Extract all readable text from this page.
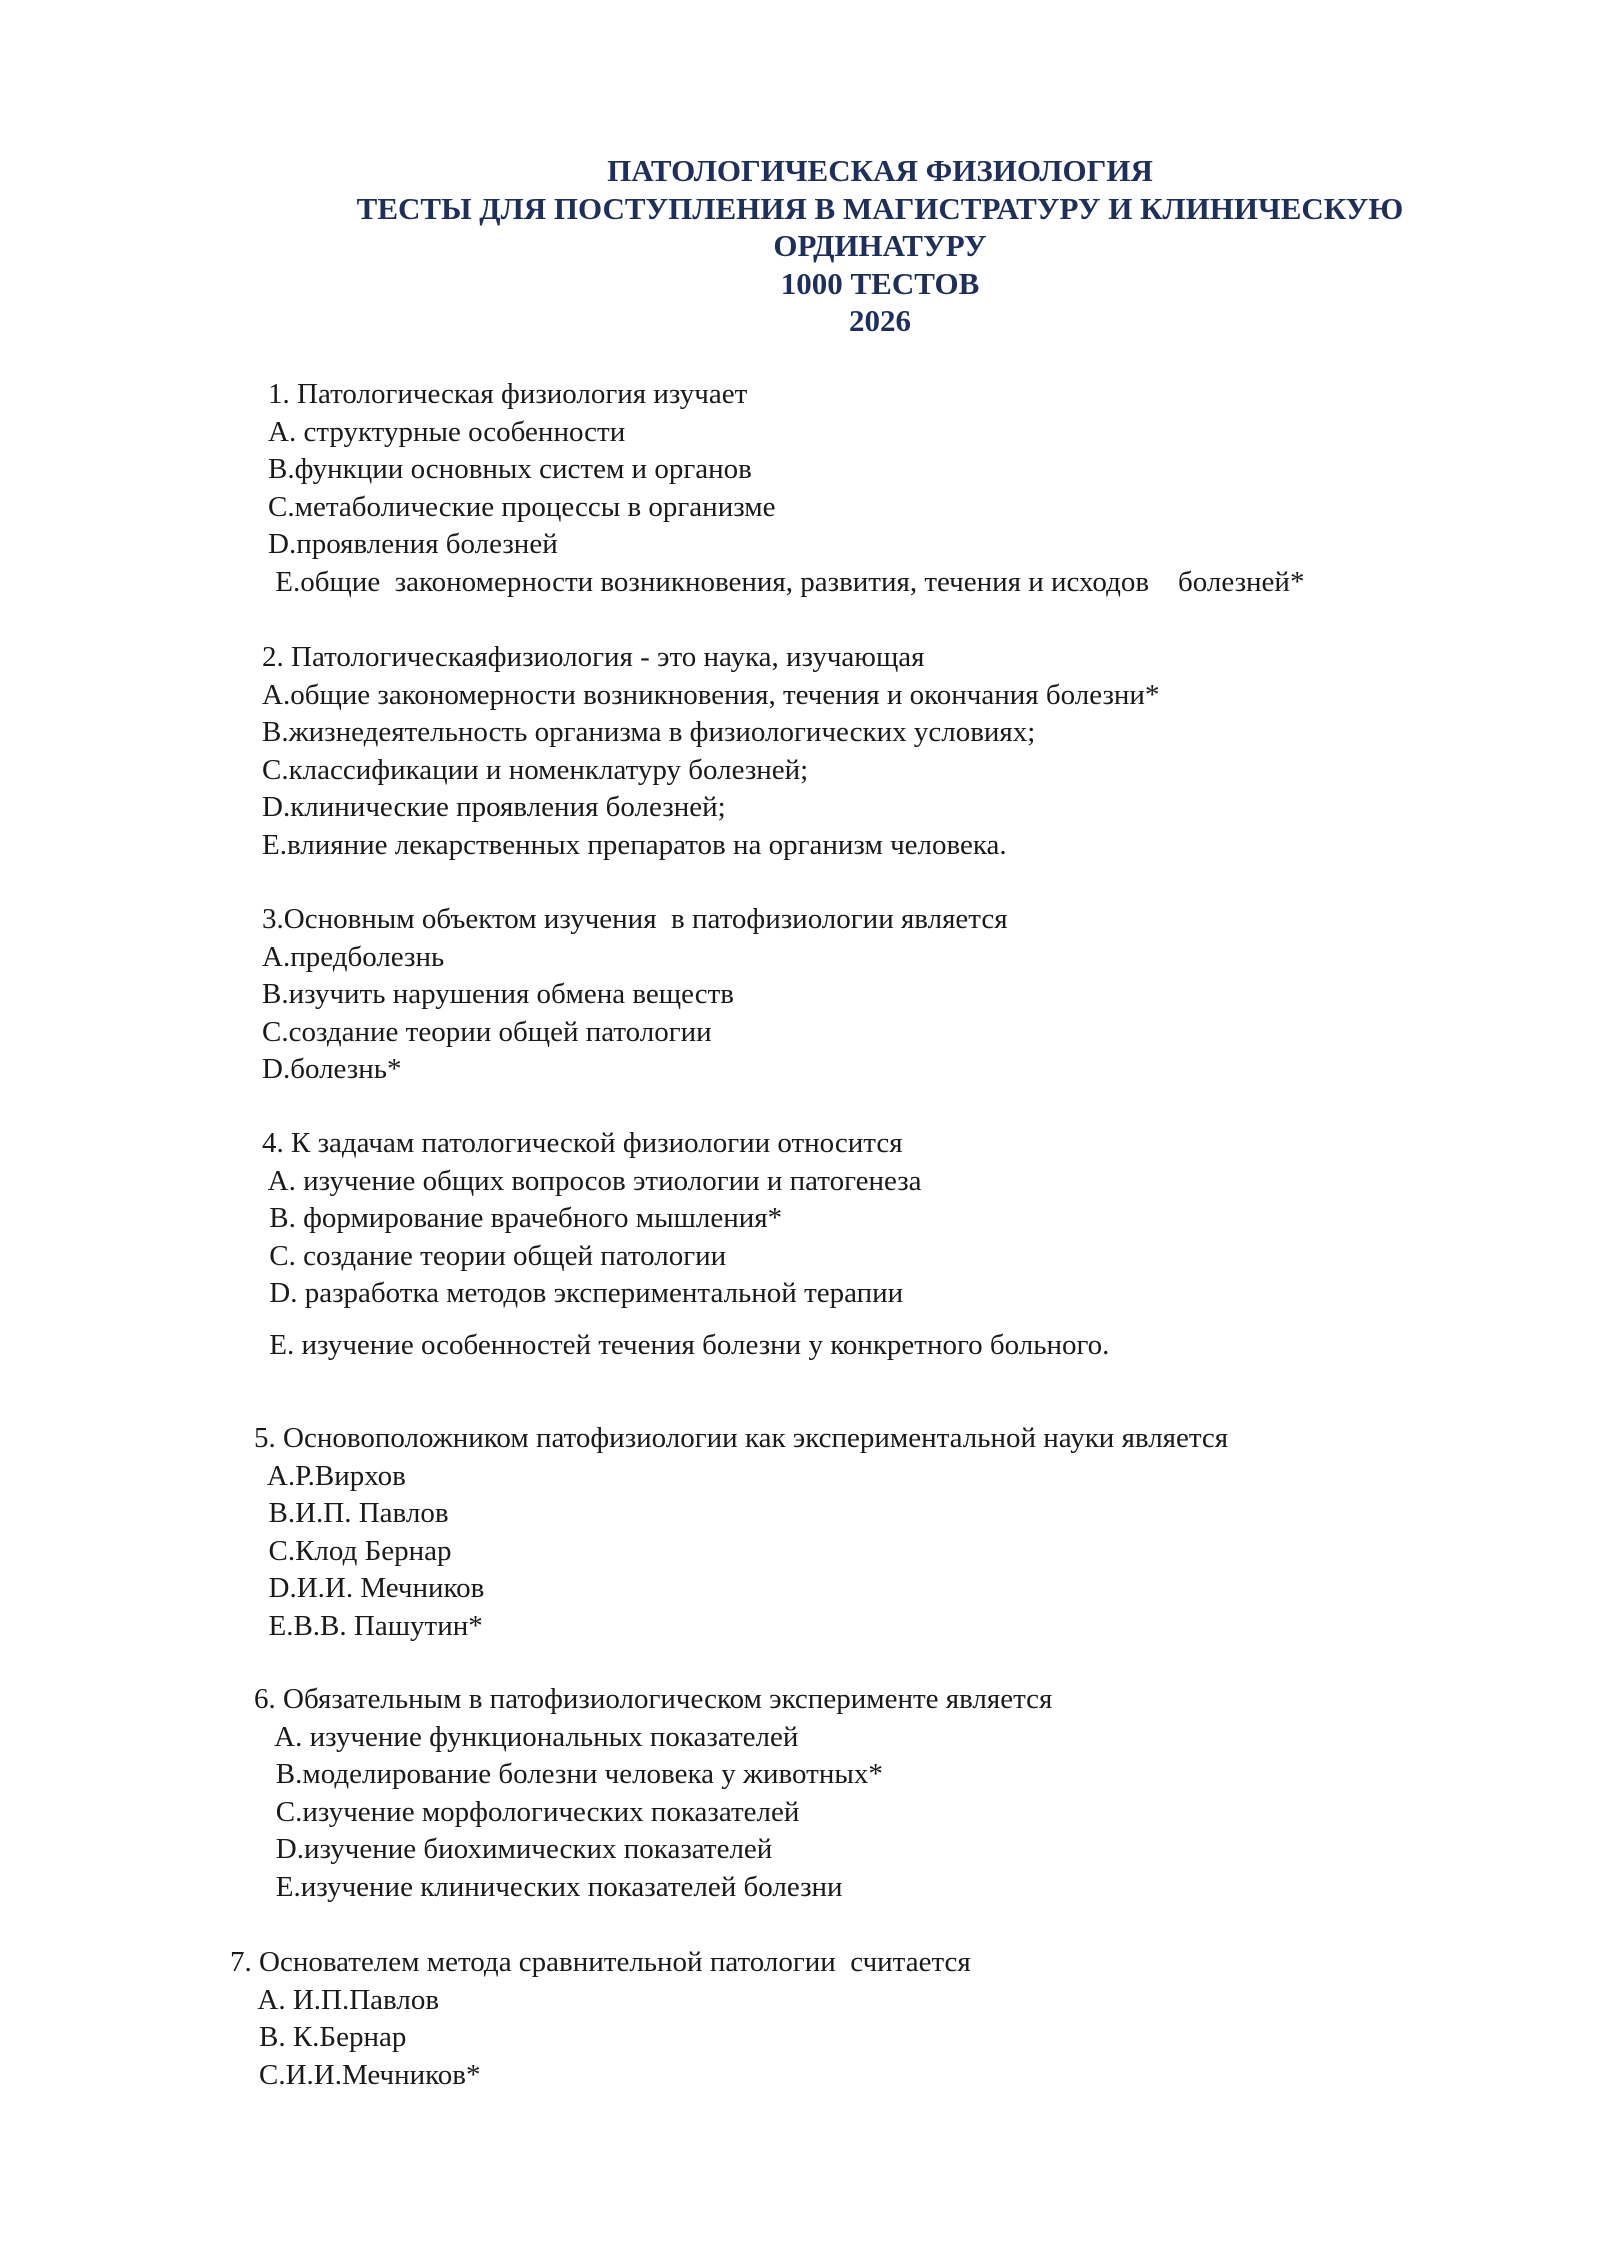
ПАТОЛОГИЧЕСКАЯ ФИЗИОЛОГИЯ
ТЕСТЫ ДЛЯ ПОСТУПЛЕНИЯ В МАГИСТРАТУРУ И КЛИНИЧЕСКУЮ
ОРДИНАТУРУ
1000 ТЕСТОВ
2026
1. Патологическая физиология изучает
A. структурные особенности
B.функции основных систем и органов
C.метаболические процессы в организме
D.проявления болезней
E.общие  закономерности возникновения, развития, течения и исходов    болезней*
2. Патологическаяфизиология - это наука, изучающая
A.общие закономерности возникновения, течения и окончания болезни*
B.жизнедеятельность организма в физиологических условиях;
C.классификации и номенклатуру болезней;
D.клинические проявления болезней;
E.влияние лекарственных препаратов на организм человека.
3.Основным объектом изучения  в патофизиологии является
A.предболезнь
B.изучить нарушения обмена веществ
C.создание теории общей патологии
D.болезнь*
4. К задачам патологической физиологии относится
A. изучение общих вопросов этиологии и патогенеза
B. формирование врачебного мышления*
C. создание теории общей патологии
D. разработка методов экспериментальной терапии
E. изучение особенностей течения болезни у конкретного больного.
5. Основоположником патофизиологии как экспериментальной науки является
A.Р.Вирхов
B.И.П. Павлов
C.Клод Бернар
D.И.И. Мечников
E.В.В. Пашутин*
6. Обязательным в патофизиологическом эксперименте является
A. изучение функциональных показателей
B.моделирование болезни человека у животных*
C.изучение морфологических показателей
D.изучение биохимических показателей
E.изучение клинических показателей болезни
7. Основателем метода сравнительной патологии  считается
A. И.П.Павлов
B. К.Бернар
C.И.И.Мечников*
